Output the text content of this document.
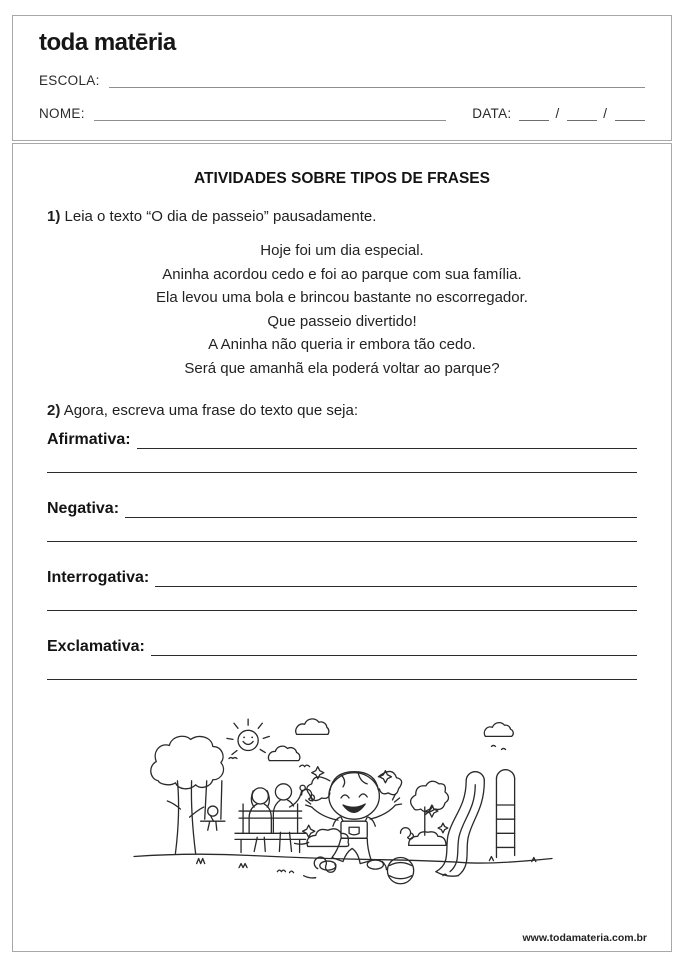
toda matēria
ESCOLA:
NOME:	DATA:	/	/
ATIVIDADES SOBRE TIPOS DE FRASES

1) Leia o texto “O dia de passeio” pausadamente.

Hoje foi um dia especial.

Aninha acordou cedo e foi ao parque com sua família.

Ela levou uma bola e brincou bastante no escorregador.

Que passeio divertido!

A Aninha não queria ir embora tão cedo.

Será que amanhã ela poderá voltar ao parque?

2) Agora, escreva uma frase do texto que seja:

Afirmativa:
Negativa:
Interrogativa:
Exclamativa:
www.todamateria.com.br
